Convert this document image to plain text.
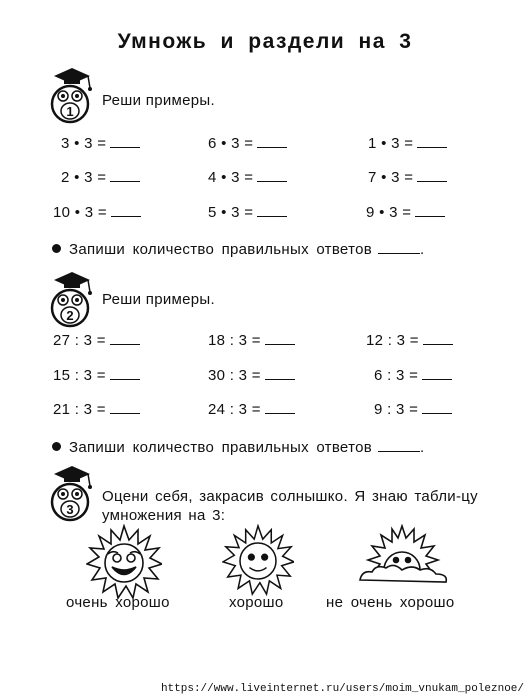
Умножь и раздели на 3
1
Реши примеры.
3 • 3 =	6 • 3 =	1 • 3 =
2 • 3 =	4 • 3 =	7 • 3 =
10 • 3 =	5 • 3 =	9 • 3 =
Запиши количество правильных ответов	.
2
Реши примеры.
27 : 3 =	18 : 3 =	12 : 3 =
15 : 3 =	30 : 3 =	6 : 3 =
21 : 3 =	24 : 3 =	9 : 3 =
Запиши количество правильных ответов	.
3
Оцени себя, закрасив солнышко. Я знаю табли-цу умножения на 3:
очень хорошо	хорошо	не очень хорошо
https://www.liveinternet.ru/users/moim_vnukam_poleznoe/
